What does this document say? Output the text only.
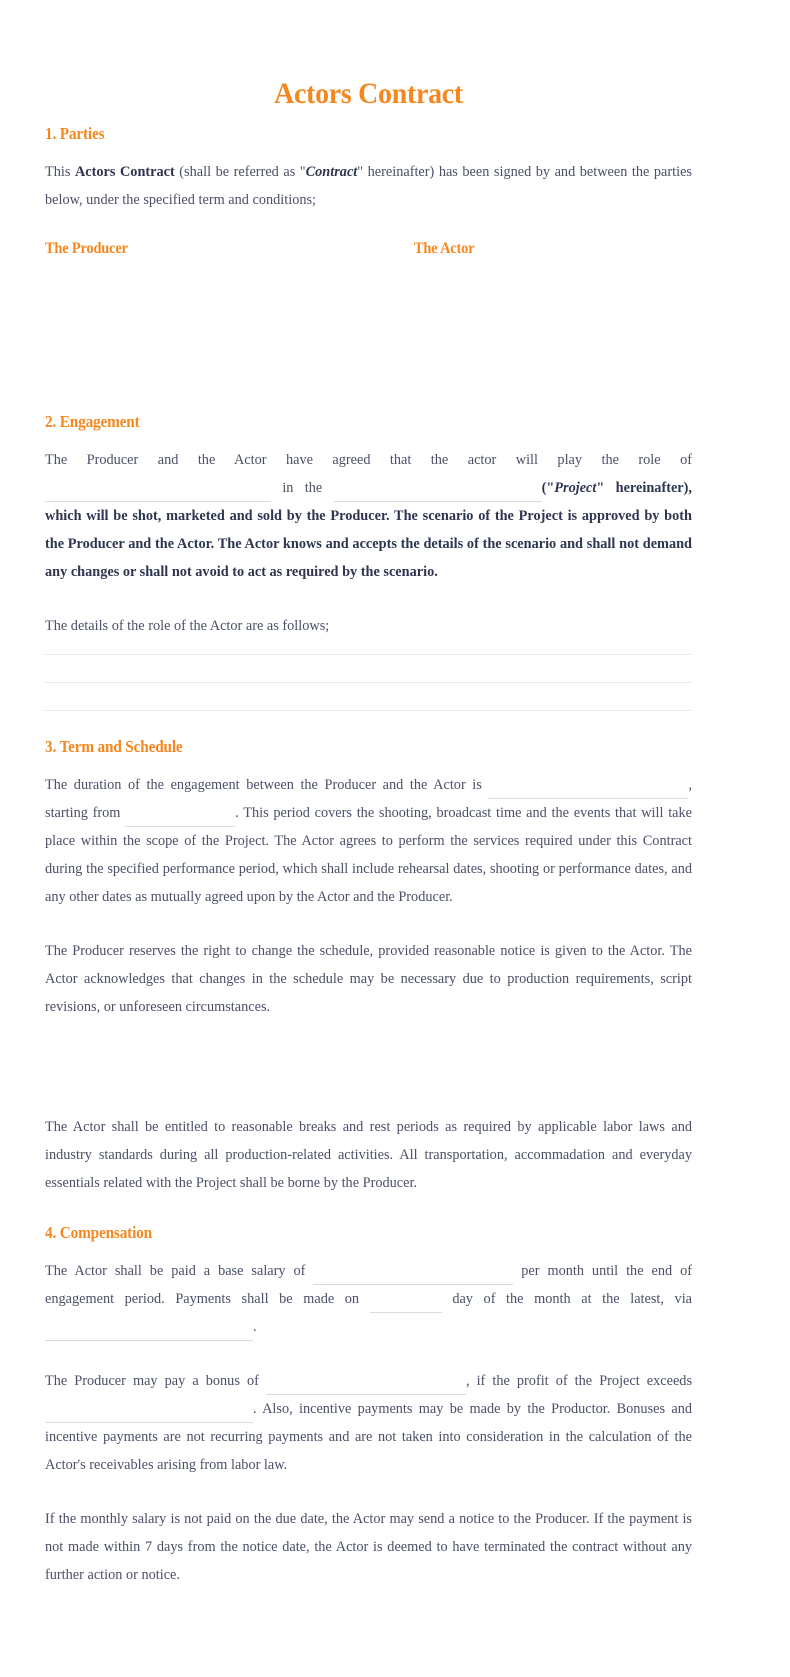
Actors Contract
1. Parties

This Actors Contract (shall be referred as "Contract" hereinafter) has been signed by and between the parties below, under the specified term and conditions;

The Producer	The Actor
2. Engagement

The Producer and the Actor have agreed that the actor will play the role of  in the	("Project" hereinafter), which will be shot, marketed and sold by the Producer. The scenario of the Project is approved by both the Producer and the Actor. The Actor knows and accepts the details of the scenario and shall not demand any changes or shall not avoid to act as required by the scenario.

The details of the role of the Actor are as follows;

3. Term and Schedule

The duration of the engagement between the Producer and the Actor is	, starting from	. This period covers the shooting, broadcast time and the events that will take place within the scope of the Project. The Actor agrees to perform the services required under this Contract during the specified performance period, which shall include rehearsal dates, shooting or performance dates, and any other dates as mutually agreed upon by the Actor and the Producer.

The Producer reserves the right to change the schedule, provided reasonable notice is given to the Actor. The Actor acknowledges that changes in the schedule may be necessary due to production requirements, script revisions, or unforeseen circumstances.

The Actor shall be entitled to reasonable breaks and rest periods as required by applicable labor laws and industry standards during all production-related activities. All transportation, accommadation and everyday essentials related with the Project shall be borne by the Producer.

4. Compensation

The Actor shall be paid a base salary of	per month until the end of engagement period. Payments shall be made on	day of the month at the latest, via .

The Producer may pay a bonus of	, if the profit of the Project exceeds . Also, incentive payments may be made by the Productor. Bonuses and incentive payments are not recurring payments and are not taken into consideration in the calculation of the Actor's receivables arising from labor law.

If the monthly salary is not paid on the due date, the Actor may send a notice to the Producer. If the payment is not made within 7 days from the notice date, the Actor is deemed to have terminated the contract without any further action or notice.
